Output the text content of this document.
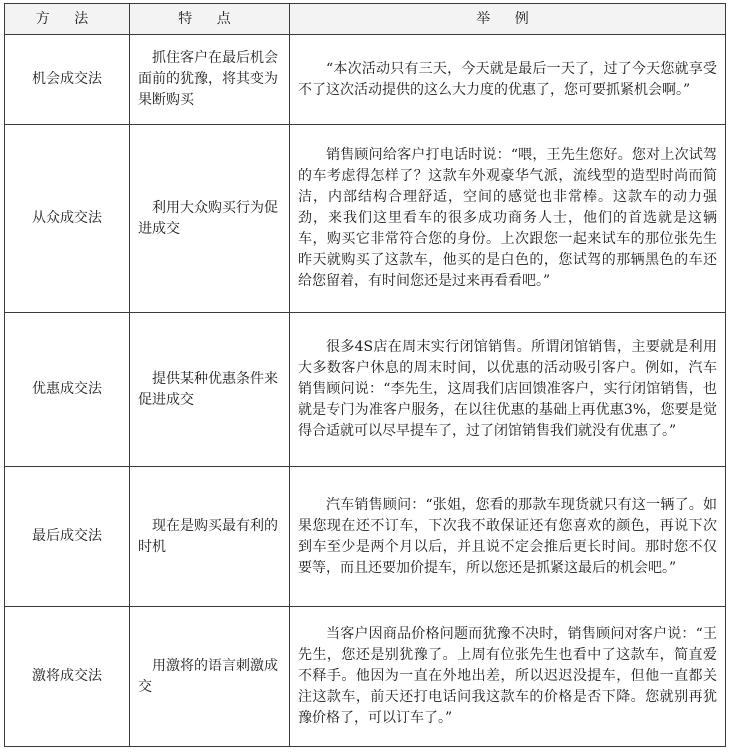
方 法	特 点	举 例
机会成交法	抓住客户在最后机会面前的犹豫，将其变为果断购买	“本次活动只有三天，今天就是最后一天了，过了今天您就享受不了这次活动提供的这么大力度的优惠了，您可要抓紧机会啊。”
从众成交法	利用大众购买行为促进成交	销售顾问给客户打电话时说：“喂，王先生您好。您对上次试驾的车考虑得怎样了？这款车外观豪华气派，流线型的造型时尚而简洁，内部结构合理舒适，空间的感觉也非常棒。这款车的动力强劲，来我们这里看车的很多成功商务人士，他们的首选就是这辆车，购买它非常符合您的身份。上次跟您一起来试车的那位张先生昨天就购买了这款车，他买的是白色的，您试驾的那辆黑色的车还给您留着，有时间您还是过来再看看吧。”
优惠成交法	提供某种优惠条件来促进成交	很多4S店在周末实行闭馆销售。所谓闭馆销售，主要就是利用大多数客户休息的周末时间，以优惠的活动吸引客户。例如，汽车销售顾问说：“李先生，这周我们店回馈准客户，实行闭馆销售，也就是专门为准客户服务，在以往优惠的基础上再优惠3%，您要是觉得合适就可以尽早提车了，过了闭馆销售我们就没有优惠了。”
最后成交法	现在是购买最有利的时机	汽车销售顾问：“张姐，您看的那款车现货就只有这一辆了。如果您现在还不订车，下次我不敢保证还有您喜欢的颜色，再说下次到车至少是两个月以后，并且说不定会推后更长时间。那时您不仅要等，而且还要加价提车，所以您还是抓紧这最后的机会吧。”
激将成交法	用激将的语言刺激成交	当客户因商品价格问题而犹豫不决时，销售顾问对客户说：“王先生，您还是别犹豫了。上周有位张先生也看中了这款车，简直爱不释手。他因为一直在外地出差，所以迟迟没提车，但他一直都关注这款车，前天还打电话问我这款车的价格是否下降。您就别再犹豫价格了，可以订车了。”
